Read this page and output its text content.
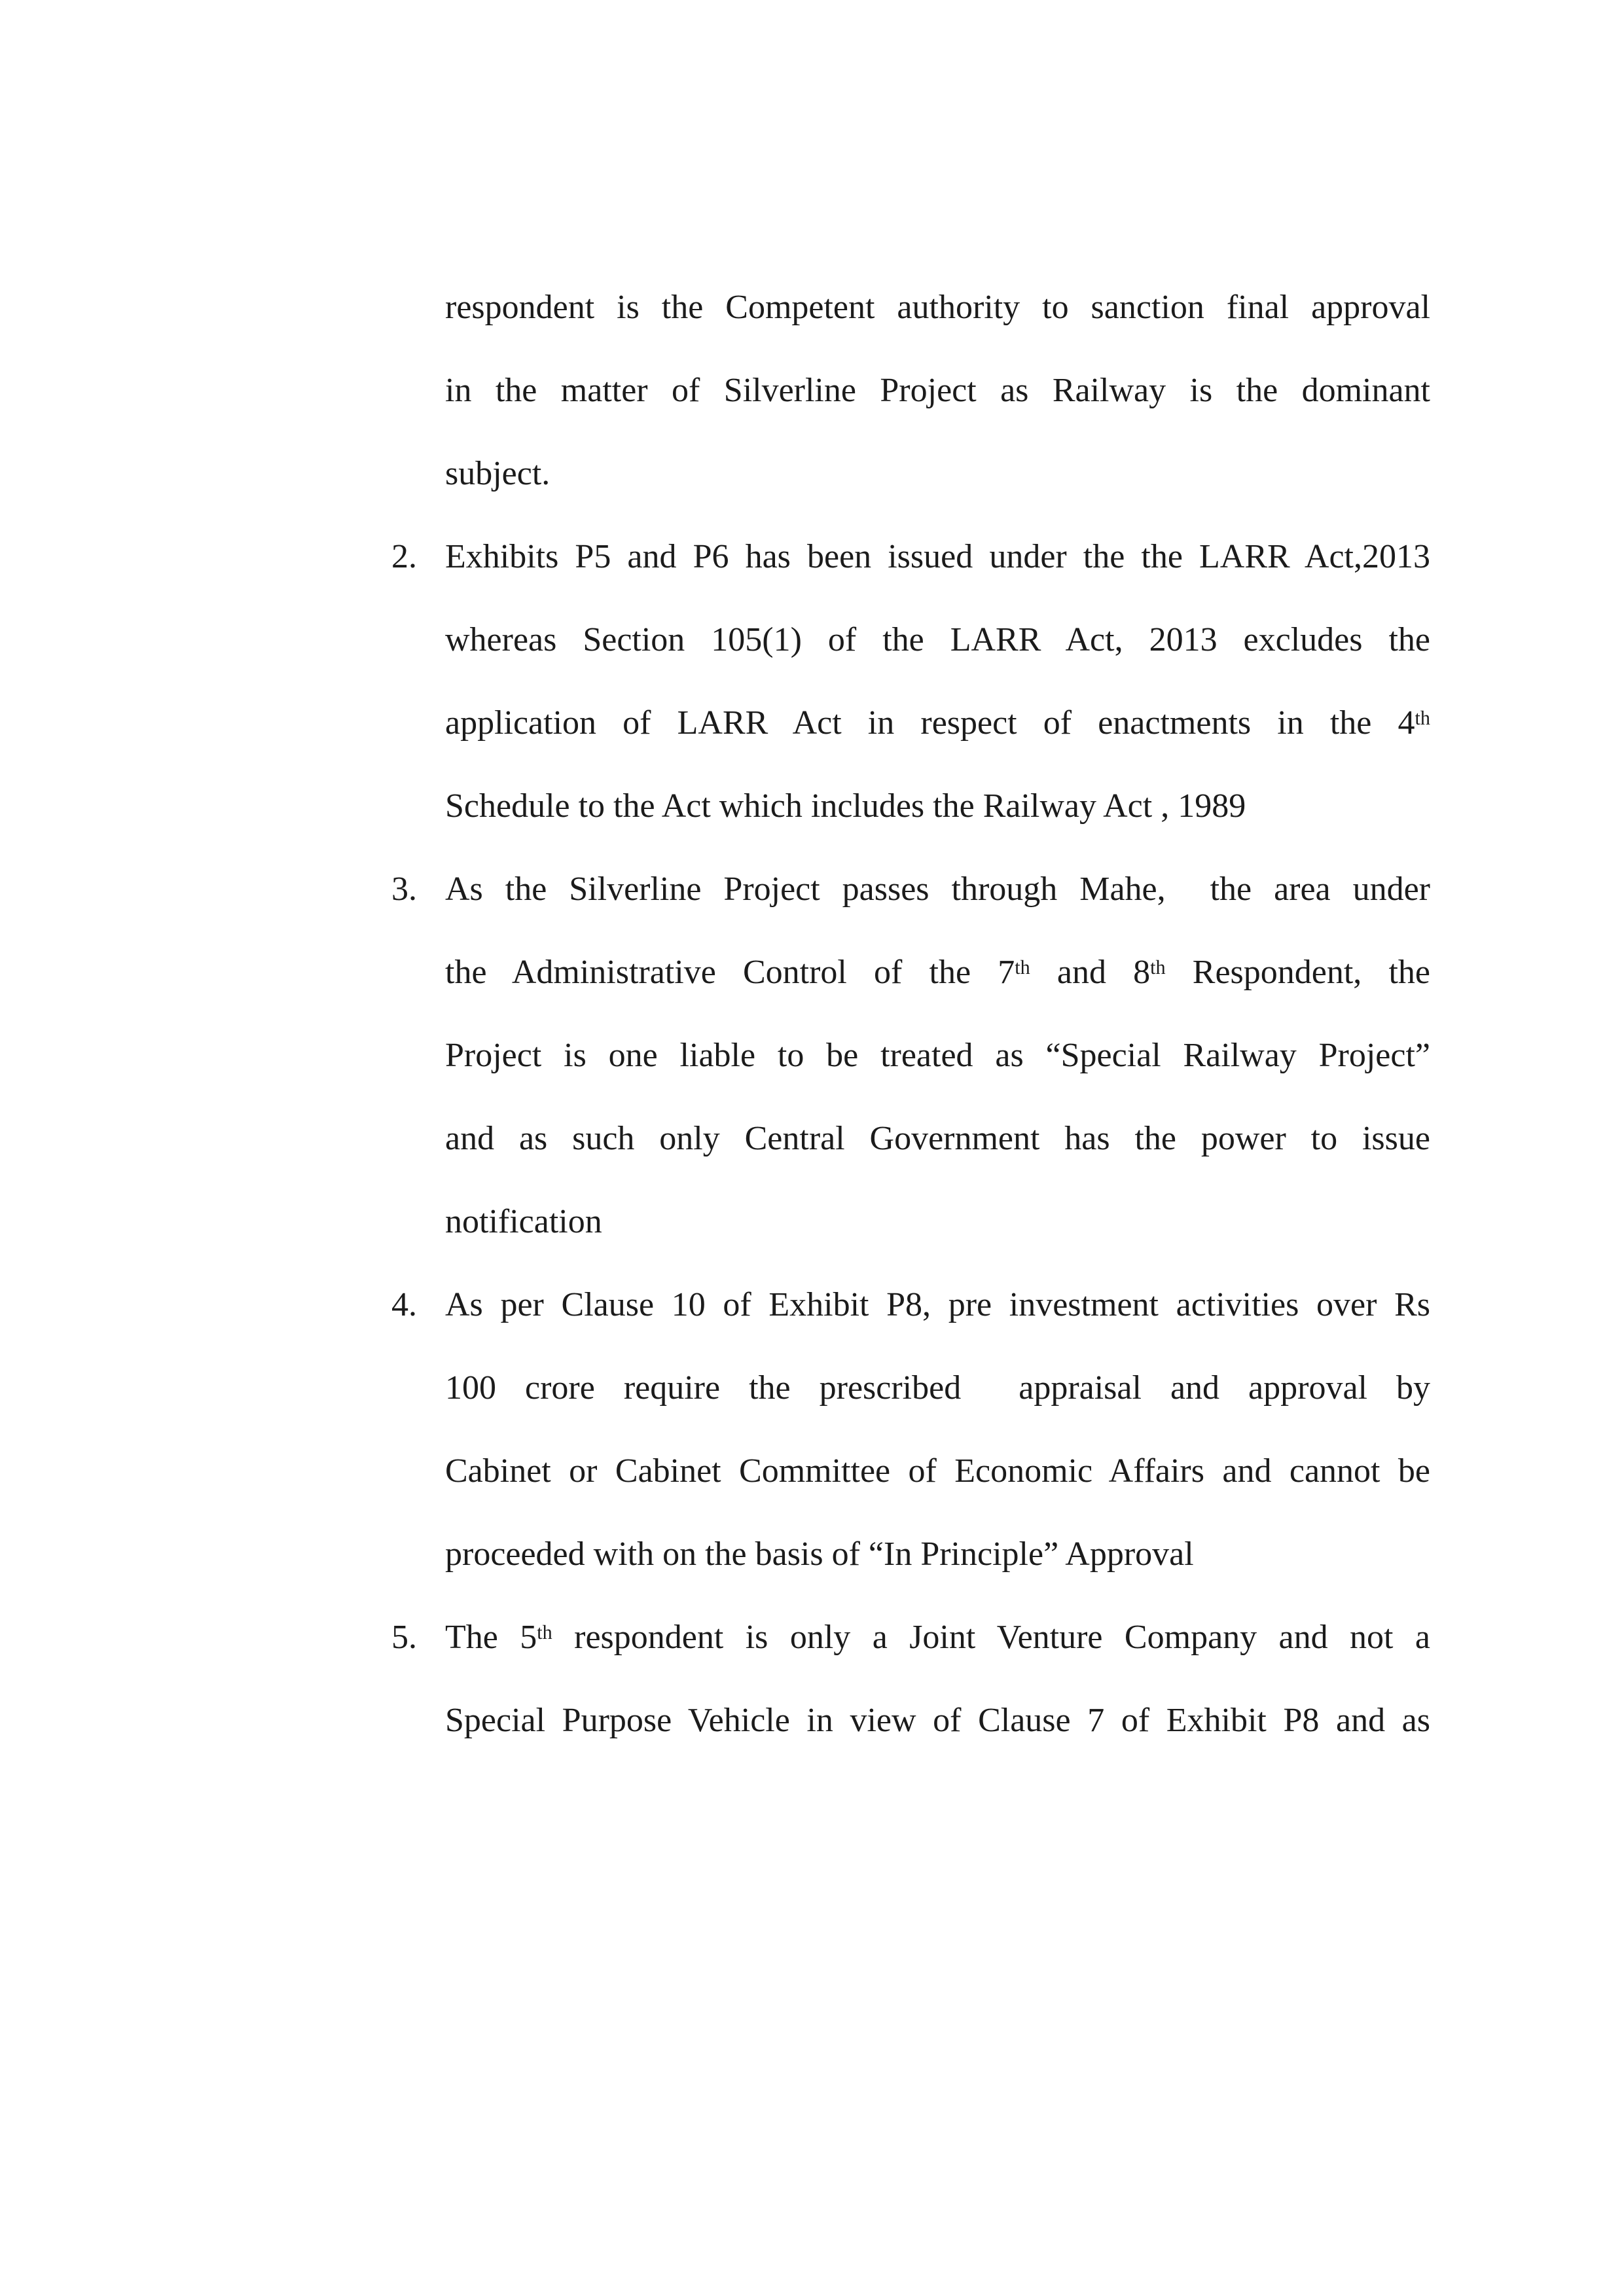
respondent is the Competent authority to sanction final approval
in the matter of Silverline Project as Railway is the dominant
subject.
2. Exhibits P5 and P6 has been issued under the the LARR Act,2013
whereas Section 105(1) of the LARR Act, 2013 excludes the
application of LARR Act in respect of enactments in the 4th
Schedule to the Act which includes the Railway Act , 1989
3. As the Silverline Project passes through Mahe,  the area under
the Administrative Control of the 7th and 8th Respondent, the
Project is one liable to be treated as “Special Railway Project”
and as such only Central Government has the power to issue
notification
4. As per Clause 10 of Exhibit P8, pre investment activities over Rs
100 crore require the prescribed  appraisal and approval by
Cabinet or Cabinet Committee of Economic Affairs and cannot be
proceeded with on the basis of “In Principle” Approval
5. The 5th respondent is only a Joint Venture Company and not a
Special Purpose Vehicle in view of Clause 7 of Exhibit P8 and as
